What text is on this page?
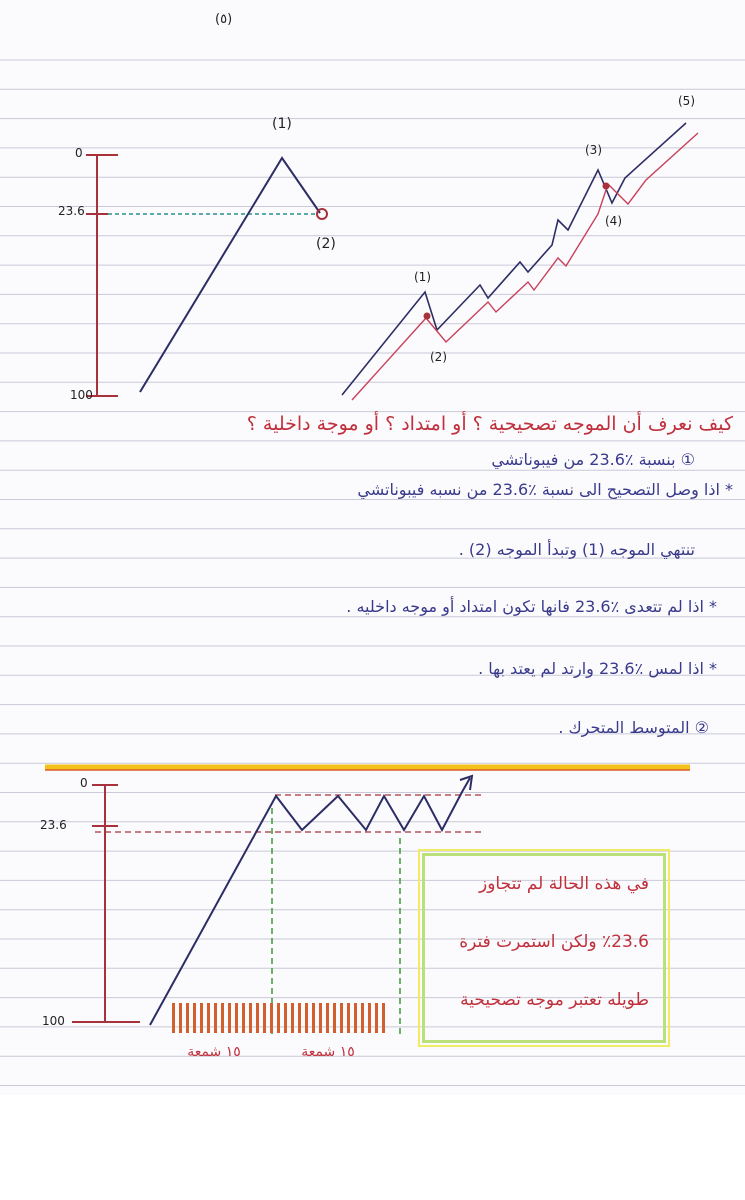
(٥)
0
23.6
100
(1)
(2)
(1)
(2)
(3)
(4)
(5)
كيف نعرف أن الموجه تصحيحية ؟ أو امتداد ؟ أو موجة داخلية ؟
① بنسبة ٪23.6 من فيبوناتشي
* اذا وصل التصحيح الى نسبة ٪23.6 من نسبه فيبوناتشي
تنتهي الموجه (1) وتبدأ الموجه (2) .
* اذا لم تتعدى ٪23.6 فانها تكون امتداد أو موجه داخليه .
* اذا لمس ٪23.6 وارتد لم يعتد بها .
② المتوسط المتحرك .
0
23.6
100
١٥ شمعة	١٥ شمعة
في هذه الحالة لم تتجاوز
٪23.6 ولكن استمرت فترة
طويله تعتبر موجه تصحيحية
